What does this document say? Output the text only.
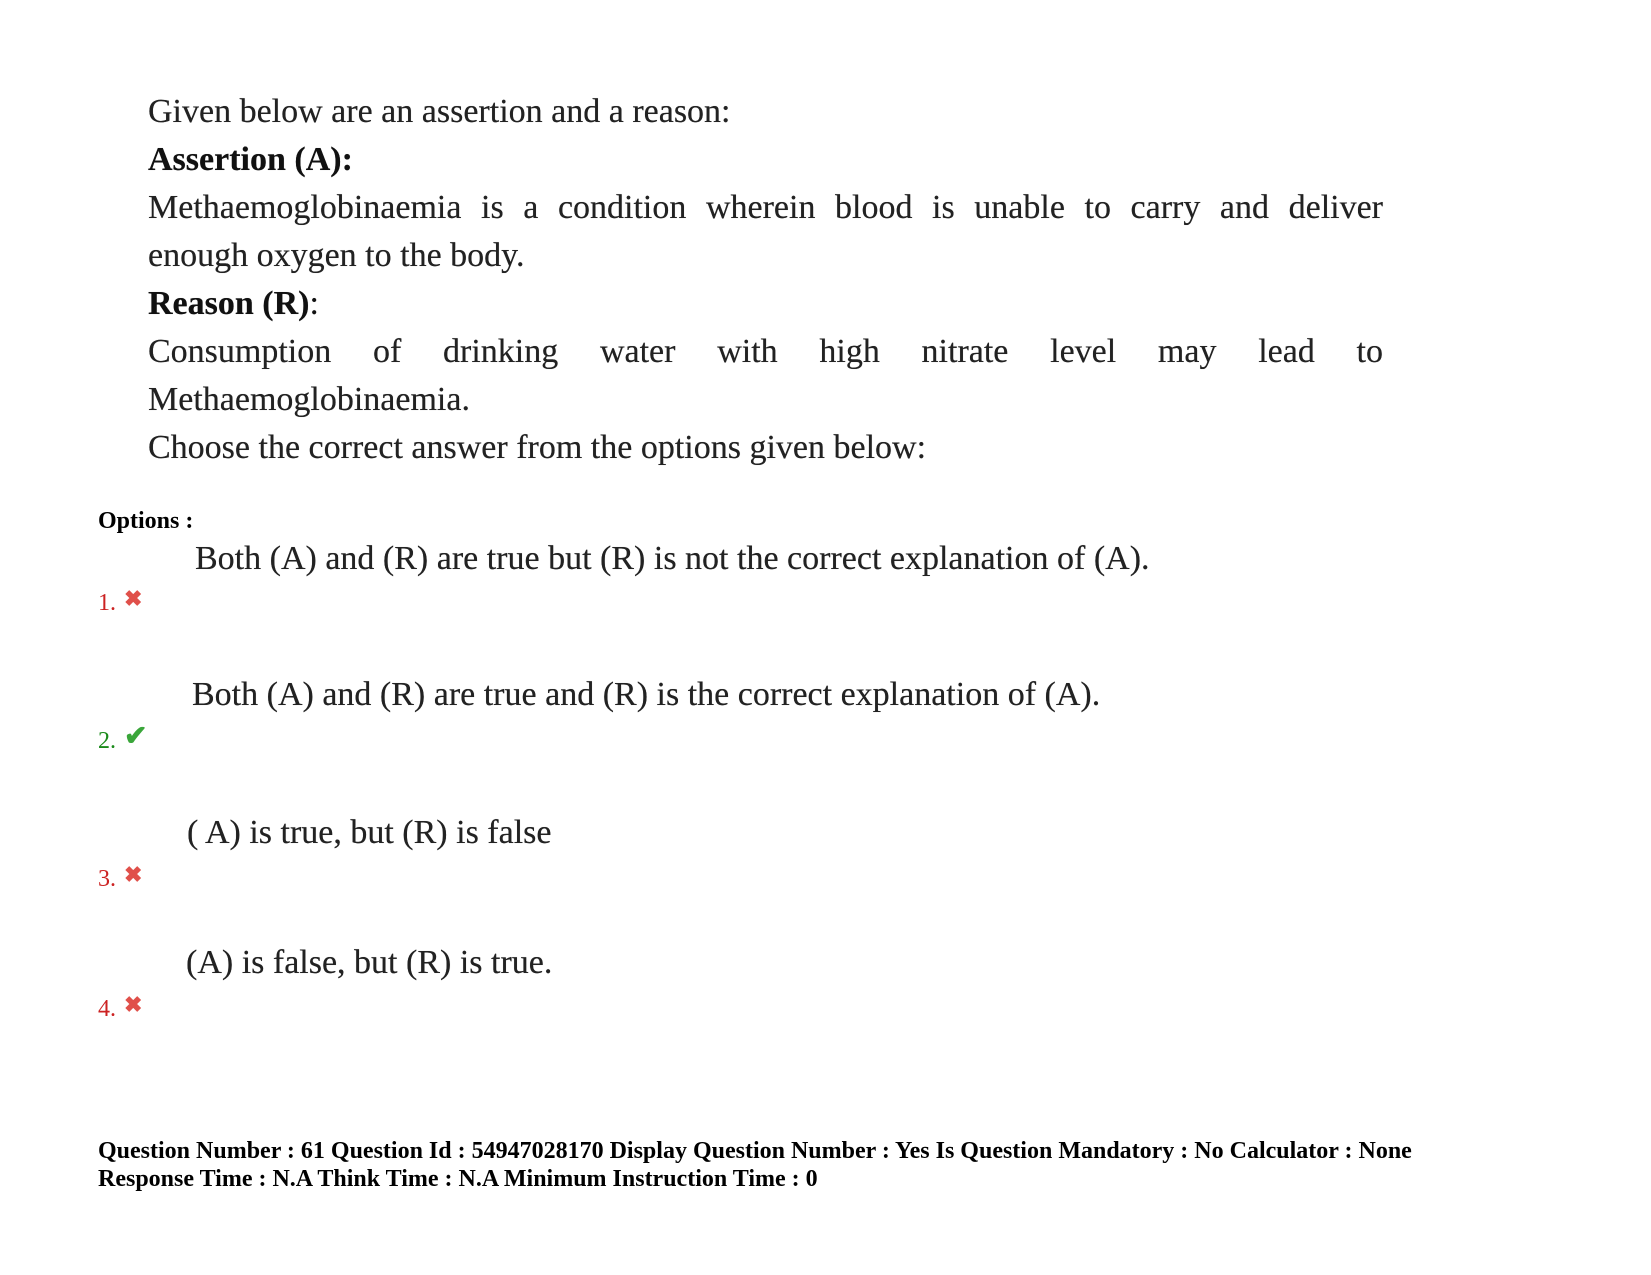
Given below are an assertion and a reason:

Assertion (A):

Methaemoglobinaemia is a condition wherein blood is unable to carry and deliver

enough oxygen to the body.

Reason (R):

Consumption of drinking water with high nitrate level may lead to

Methaemoglobinaemia.

Choose the correct answer from the options given below:

Options :
Both (A) and (R) are true but (R) is not the correct explanation of (A).
1. ✖
Both (A) and (R) are true and (R) is the correct explanation of (A).
2. ✔
( A) is true, but (R) is false
3. ✖
(A) is false, but (R) is true.
4. ✖
Question Number : 61 Question Id : 54947028170 Display Question Number : Yes Is Question Mandatory : No Calculator : None
Response Time : N.A Think Time : N.A Minimum Instruction Time : 0
